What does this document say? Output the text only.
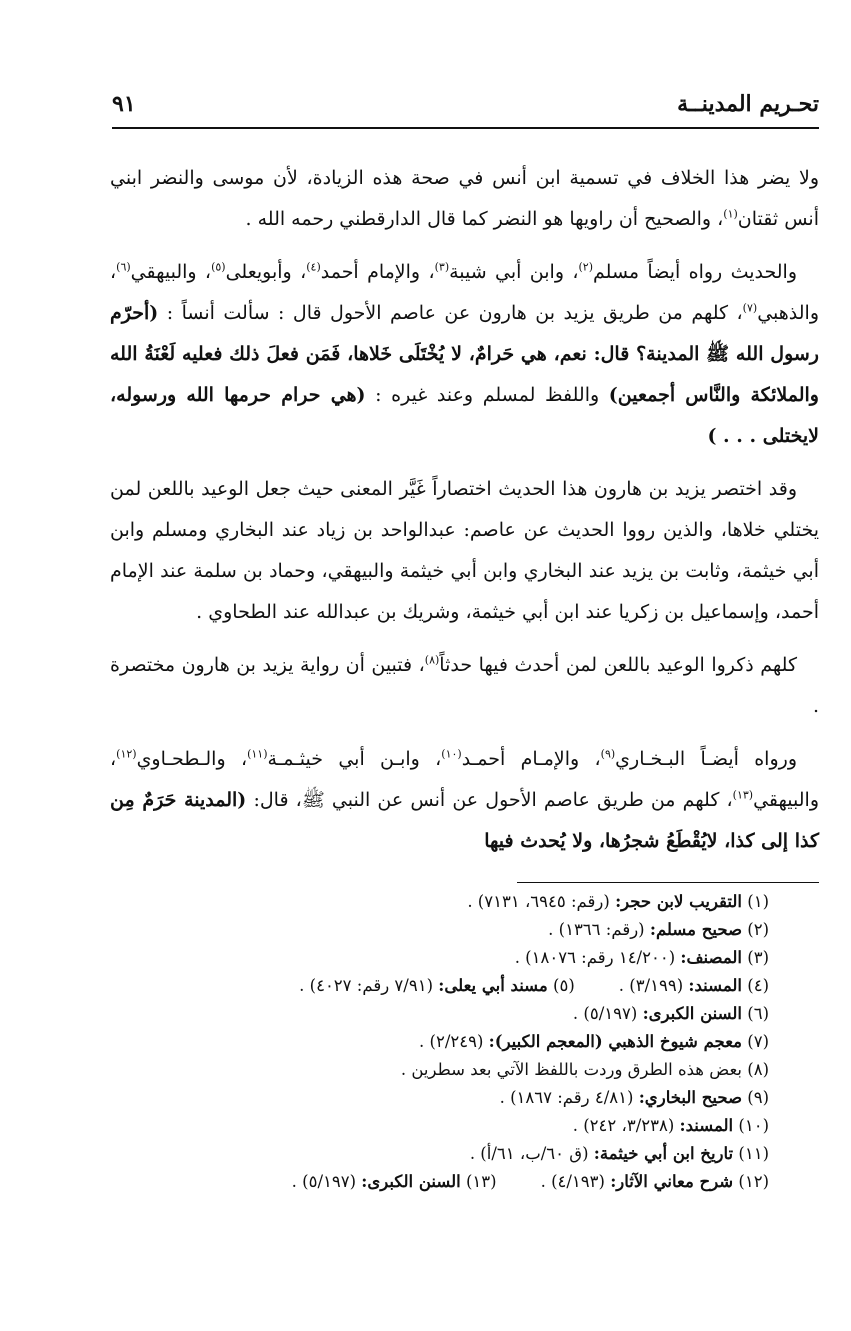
تحـريم المدينــة
٩١

ولا يضر هذا الخلاف في تسمية ابن أنس في صحة هذه الزيادة، لأن موسى والنضر ابني أنس ثقتان$^{(١)}$، والصحيح أن راويها هو النضر كما قال الدارقطني رحمه الله .

والحديث رواه أيضاً مسلم$^{(٢)}$، وابن أبي شيبة$^{(٣)}$، والإمام أحمد$^{(٤)}$، وأبويعلى$^{(٥)}$، والبيهقي$^{(٦)}$، والذهبي$^{(٧)}$، كلهم من طريق يزيد بن هارون عن عاصم الأحول قال : سألت أنساً : (أحرّم رسول الله ﷺ المدينة؟ قال: نعم، هي حَرامٌ، لا يُخْتَلَى خَلاها، فَمَن فعلَ ذلك فعليه لَعْنَةُ الله والملائكة والنَّاس أجمعين) واللفظ لمسلم وعند غيره : (هي حرام حرمها الله ورسوله، لايختلى . . . )

وقد اختصر يزيد بن هارون هذا الحديث اختصاراً غَيَّر المعنى حيث جعل الوعيد باللعن لمن يختلي خلاها، والذين رووا الحديث عن عاصم: عبدالواحد بن زياد عند البخاري ومسلم وابن أبي خيثمة، وثابت بن يزيد عند البخاري وابن أبي خيثمة والبيهقي، وحماد بن سلمة عند الإمام أحمد، وإسماعيل بن زكريا عند ابن أبي خيثمة، وشريك بن عبدالله عند الطحاوي .

كلهم ذكروا الوعيد باللعن لمن أحدث فيها حدثاً$^{(٨)}$، فتبين أن رواية يزيد بن هارون مختصرة .

ورواه أيضـاً البـخـاري$^{(٩)}$، والإمـام أحمـد$^{(١٠)}$، وابـن أبي خيثـمـة$^{(١١)}$، والـطحـاوي$^{(١٢)}$، والبيهقي$^{(١٣)}$، كلهم من طريق عاصم الأحول عن أنس عن النبي ﷺ، قال: (المدينة حَرَمٌ مِن كذا إلى كذا، لايُقْطَعُ شجرُها، ولا يُحدث فيها

(١) التقريب لابن حجر: (رقم: ٦٩٤٥، ٧١٣١) .

(٢) صحيح مسلم: (رقم: ١٣٦٦) .

(٣) المصنف: (١٤/٢٠٠ رقم: ١٨٠٧٦) .

(٤) المسند: (٣/١٩٩) .

(٥) مسند أبي يعلى: (٧/٩١ رقم: ٤٠٢٧) .

(٦) السنن الكبرى: (٥/١٩٧) .

(٧) معجم شيوخ الذهبي (المعجم الكبير): (٢/٢٤٩) .

(٨) بعض هذه الطرق وردت باللفظ الآتي بعد سطرين .

(٩) صحيح البخاري: (٤/٨١ رقم: ١٨٦٧) .

(١٠) المسند: (٣/٢٣٨، ٢٤٢) .

(١١) تاريخ ابن أبي خيثمة: (ق ٦٠/ب، ٦١/أ) .

(١٢) شرح معاني الآثار: (٤/١٩٣) .

(١٣) السنن الكبرى: (٥/١٩٧) .
